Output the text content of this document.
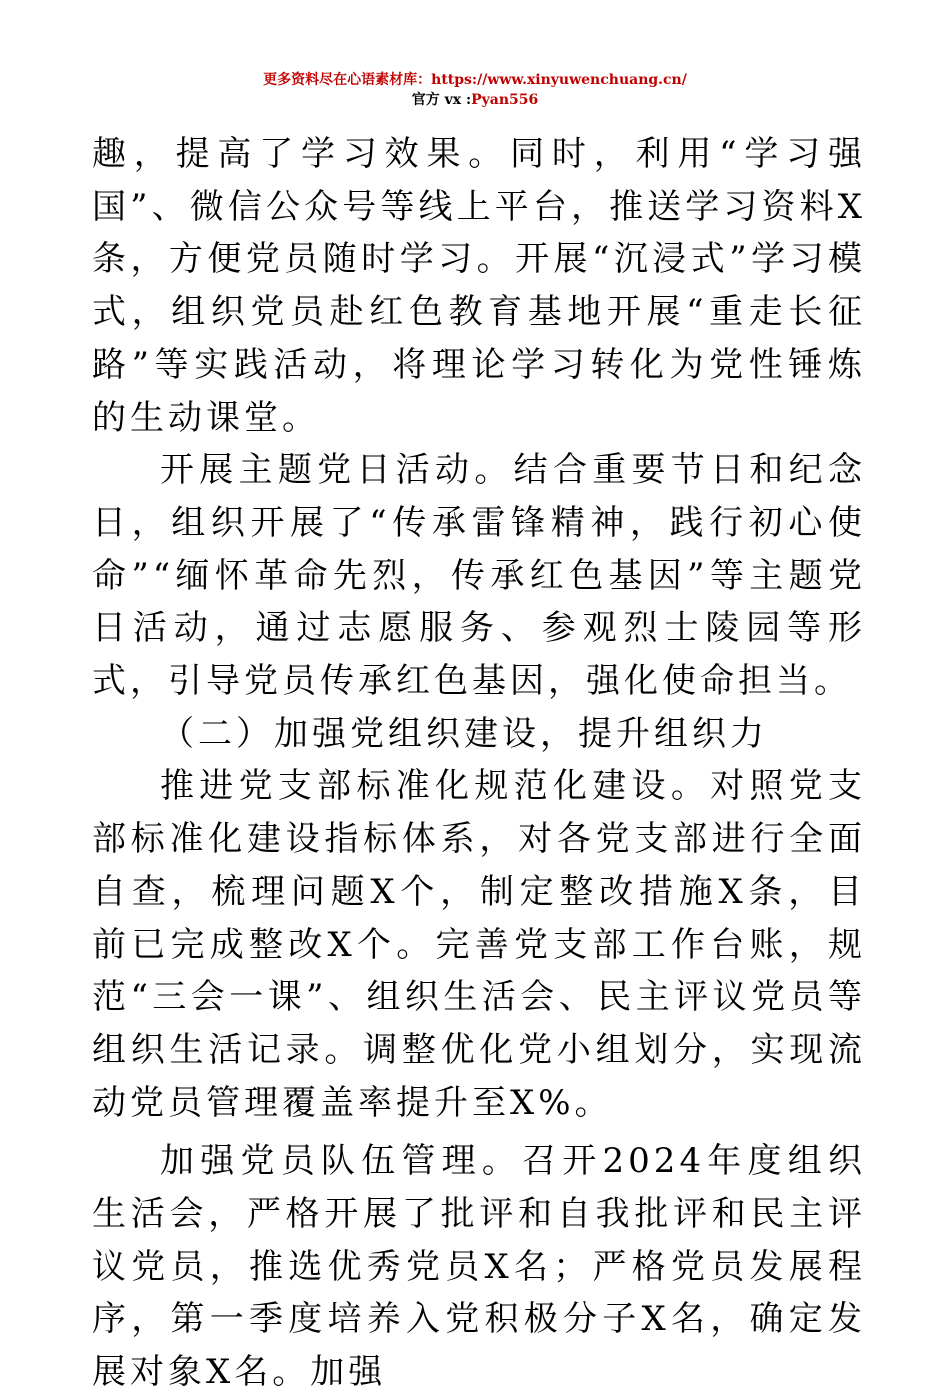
更多资料尽在心语素材库：https://www.xinyuwenchuang.cn/
官方 vx :Pyan556

趣，提高了学习效果。同时，利用“学习强国”、微信公众号等线上平台，推送学习资料X条，方便党员随时学习。开展“沉浸式”学习模式，组织党员赴红色教育基地开展“重走长征路”等实践活动，将理论学习转化为党性锤炼的生动课堂。

开展主题党日活动。结合重要节日和纪念日，组织开展了“传承雷锋精神，践行初心使命”“缅怀革命先烈，传承红色基因”等主题党日活动，通过志愿服务、参观烈士陵园等形式，引导党员传承红色基因，强化使命担当。

（二）加强党组织建设，提升组织力

推进党支部标准化规范化建设。对照党支部标准化建设指标体系，对各党支部进行全面自查，梳理问题X个，制定整改措施X条，目前已完成整改X个。完善党支部工作台账，规范“三会一课”、组织生活会、民主评议党员等组织生活记录。调整优化党小组划分，实现流动党员管理覆盖率提升至X%。

加强党员队伍管理。召开2024年度组织生活会，严格开展了批评和自我批评和民主评议党员，推选优秀党员X名；严格党员发展程序，第一季度培养入党积极分子X名，确定发展对象X名。加强
